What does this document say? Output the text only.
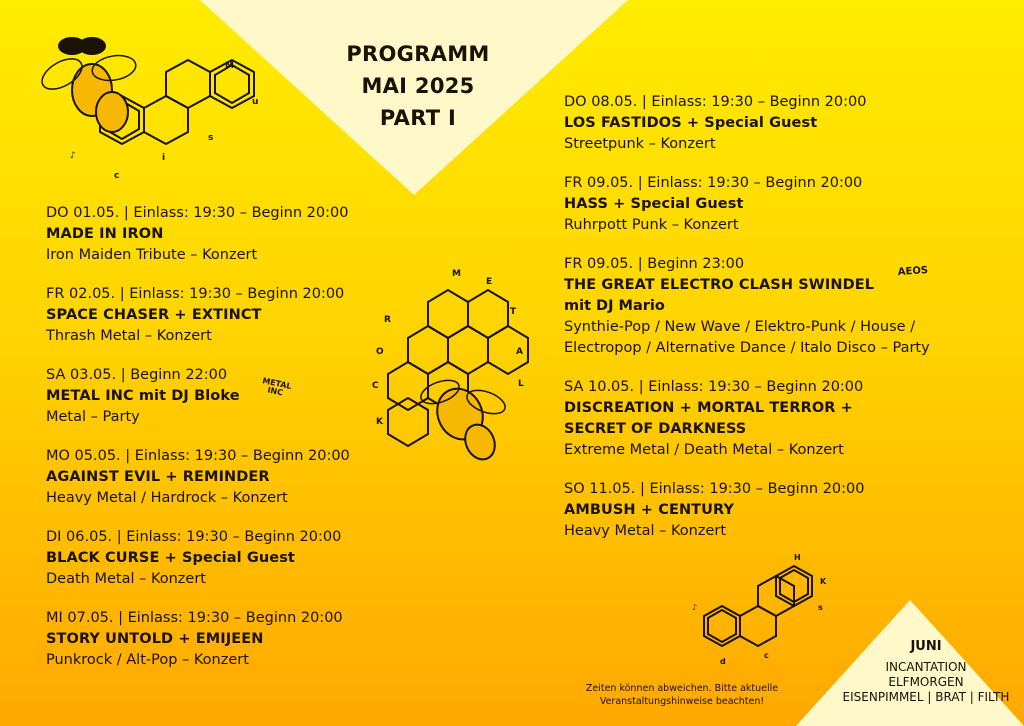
PROGRAMM
MAI 2025
PART I
M
u
s
i
c
♪
M
E
T
A
L
O
C
K
R
H
K
s
d
♪
c
METAL INC
AEOS
DO 01.05. | Einlass: 19:30 – Beginn 20:00
MADE IN IRON
Iron Maiden Tribute – Konzert
FR 02.05. | Einlass: 19:30 – Beginn 20:00
SPACE CHASER + EXTINCT
Thrash Metal – Konzert
SA 03.05. | Beginn 22:00
METAL INC mit DJ Bloke
Metal – Party
MO 05.05. | Einlass: 19:30 – Beginn 20:00
AGAINST EVIL + REMINDER
Heavy Metal / Hardrock – Konzert
DI 06.05. | Einlass: 19:30 – Beginn 20:00
BLACK CURSE + Special Guest
Death Metal – Konzert
MI 07.05. | Einlass: 19:30 – Beginn 20:00
STORY UNTOLD + EMIJEEN
Punkrock / Alt-Pop – Konzert
DO 08.05. | Einlass: 19:30 – Beginn 20:00
LOS FASTIDOS + Special Guest
Streetpunk – Konzert
FR 09.05. | Einlass: 19:30 – Beginn 20:00
HASS + Special Guest
Ruhrpott Punk – Konzert
FR 09.05. | Beginn 23:00
THE GREAT ELECTRO CLASH SWINDEL
mit DJ Mario
Synthie-Pop / New Wave / Elektro-Punk / House /
Electropop / Alternative Dance / Italo Disco – Party
SA 10.05. | Einlass: 19:30 – Beginn 20:00
DISCREATION + MORTAL TERROR +
SECRET OF DARKNESS
Extreme Metal / Death Metal – Konzert
SO 11.05. | Einlass: 19:30 – Beginn 20:00
AMBUSH + CENTURY
Heavy Metal – Konzert
Zeiten können abweichen. Bitte aktuelle
Veranstaltungshinweise beachten!
JUNI
INCANTATION
ELFMORGEN
EISENPIMMEL | BRAT | FILTH
